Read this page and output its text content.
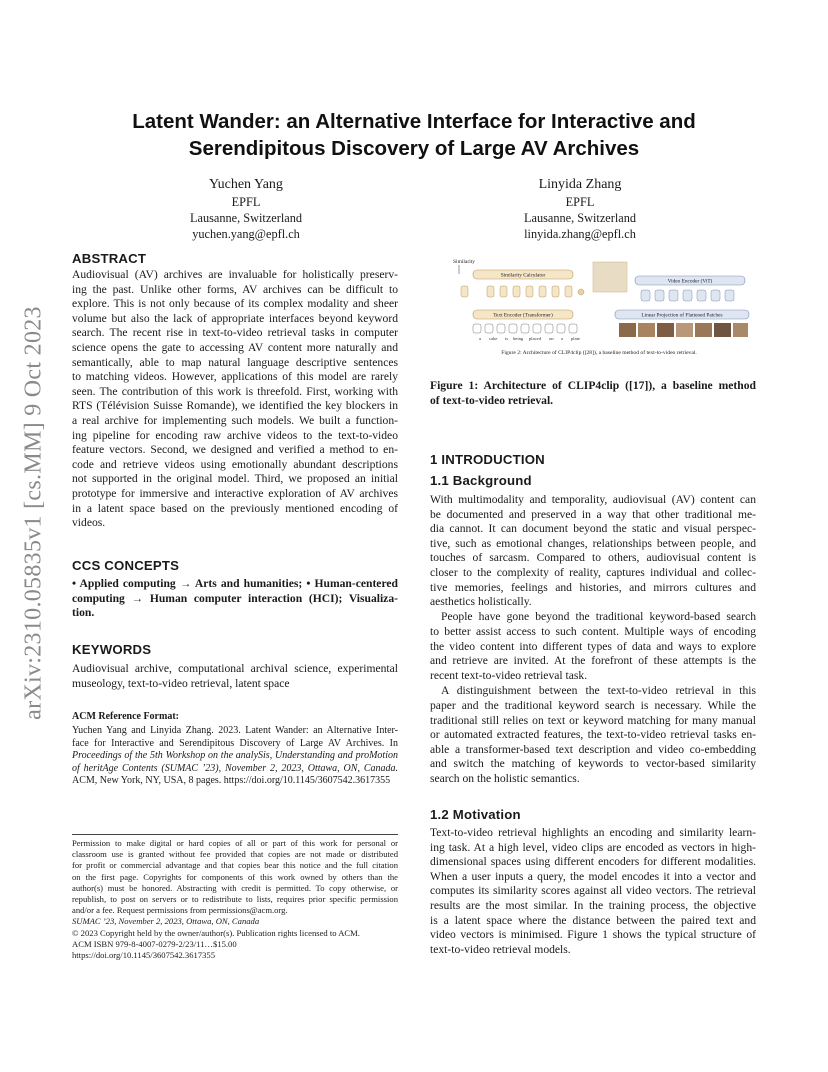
arXiv:2310.05835v1 [cs.MM] 9 Oct 2023
Latent Wander: an Alternative Interface for Interactive and
Serendipitous Discovery of Large AV Archives
Yuchen Yang
EPFL
Lausanne, Switzerland
yuchen.yang@epfl.ch
Linyida Zhang
EPFL
Lausanne, Switzerland
linyida.zhang@epfl.ch
ABSTRACT
Audiovisual (AV) archives are invaluable for holistically preserv-
ing the past. Unlike other forms, AV archives can be difficult to
explore. This is not only because of its complex modality and sheer
volume but also the lack of appropriate interfaces beyond keyword
search. The recent rise in text-to-video retrieval tasks in computer
science opens the gate to accessing AV content more naturally and
semantically, able to map natural language descriptive sentences
to matching videos. However, applications of this model are rarely
seen. The contribution of this work is threefold. First, working with
RTS (Télévision Suisse Romande), we identified the key blockers in
a real archive for implementing such models. We built a function-
ing pipeline for encoding raw archive videos to the text-to-video
feature vectors. Second, we designed and verified a method to en-
code and retrieve videos using emotionally abundant descriptions
not supported in the original model. Third, we proposed an initial
prototype for immersive and interactive exploration of AV archives
in a latent space based on the previously mentioned encoding of
videos.
CCS CONCEPTS
• Applied computing → Arts and humanities; • Human-centered
computing → Human computer interaction (HCI); Visualiza-
tion.
KEYWORDS
Audiovisual archive, computational archival science, experimental
museology, text-to-video retrieval, latent space
ACM Reference Format:
Yuchen Yang and Linyida Zhang. 2023. Latent Wander: an Alternative Inter-
face for Interactive and Serendipitous Discovery of Large AV Archives. In
Proceedings of the 5th Workshop on the analySis, Understanding and proMotion
of heritAge Contents (SUMAC ’23), November 2, 2023, Ottawa, ON, Canada.
ACM, New York, NY, USA, 8 pages. https://doi.org/10.1145/3607542.3617355
Permission to make digital or hard copies of all or part of this work for personal or
classroom use is granted without fee provided that copies are not made or distributed
for profit or commercial advantage and that copies bear this notice and the full citation
on the first page. Copyrights for components of this work owned by others than the
author(s) must be honored. Abstracting with credit is permitted. To copy otherwise, or
republish, to post on servers or to redistribute to lists, requires prior specific permission
and/or a fee. Request permissions from permissions@acm.org.
SUMAC ’23, November 2, 2023, Ottawa, ON, Canada
© 2023 Copyright held by the owner/author(s). Publication rights licensed to ACM.
ACM ISBN 979-8-4007-0279-2/23/11…$15.00
https://doi.org/10.1145/3607542.3617355
Similarity
Similarity Calculator
Text Encoder (Transformer)
a cake is being placed on a plate
Video Encoder (ViT)
Linear Projection of Flattened Patches
Figure 2: Architecture of CLIP4clip ([28]), a baseline method of text-to-video retrieval.
Figure 1: Architecture of CLIP4clip ([17]), a baseline method
of text-to-video retrieval.
1 INTRODUCTION
1.1 Background
With multimodality and temporality, audiovisual (AV) content can
be documented and preserved in a way that other traditional me-
dia cannot. It can document beyond the static and visual perspec-
tive, such as emotional changes, relationships between people, and
touches of sarcasm. Compared to others, audiovisual content is
closer to the complexity of reality, captures individual and collec-
tive memories, feelings and histories, and mirrors cultures and
aesthetics holistically.
People have gone beyond the traditional keyword-based search
to better assist access to such content. Multiple ways of encoding
the video content into different types of data and ways to explore
and retrieve are invited. At the forefront of these attempts is the
recent text-to-video retrieval task.
A distinguishment between the text-to-video retrieval in this
paper and the traditional keyword search is necessary. While the
traditional still relies on text or keyword matching for many manual
or automated extracted features, the text-to-video retrieval tasks en-
able a transformer-based text description and video co-embedding
and switch the matching of keywords to vector-based similarity
search on the holistic semantics.
1.2 Motivation
Text-to-video retrieval highlights an encoding and similarity learn-
ing task. At a high level, video clips are encoded as vectors in high-
dimensional spaces using different encoders for different modalities.
When a user inputs a query, the model encodes it into a vector and
computes its similarity scores against all video vectors. The retrieval
results are the most similar. In the training process, the objective
is a latent space where the distance between the paired text and
video vectors is minimised. Figure 1 shows the typical structure of
text-to-video retrieval models.
